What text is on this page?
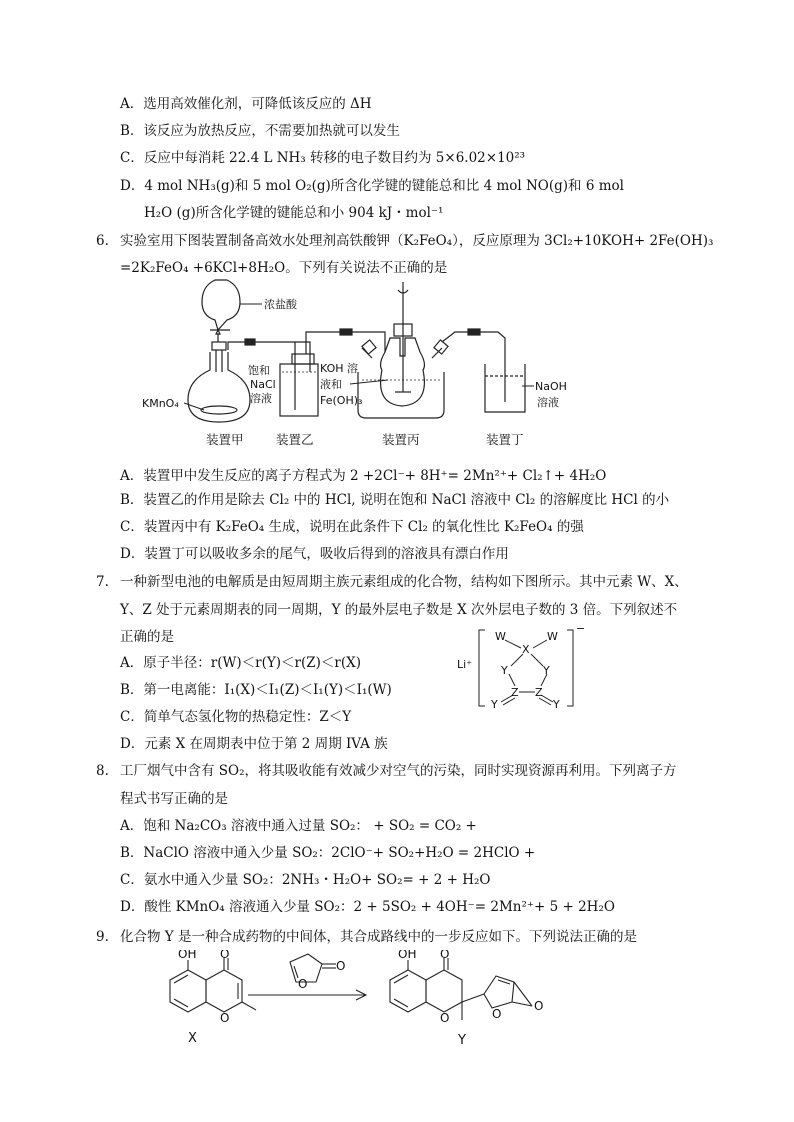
A．选用高效催化剂，可降低该反应的 ΔH
B．该反应为放热反应，不需要加热就可以发生
C．反应中每消耗 22.4 L NH₃ 转移的电子数目约为 5×6.02×10²³
D．4 mol NH₃(g)和 5 mol O₂(g)所含化学键的键能总和比 4 mol NO(g)和 6 mol
H₂O (g)所含化学键的键能总和小 904 kJ・mol⁻¹
6. 实验室用下图装置制备高效水处理剂高铁酸钾（K₂FeO₄），反应原理为 3Cl₂+10KOH+ 2Fe(OH)₃
=2K₂FeO₄ +6KCl+8H₂O。下列有关说法不正确的是
浓盐酸
KMnO₄
饱和
NaCl
溶液
KOH 溶
液和
Fe(OH)₃
NaOH
溶液
装置甲	装置乙	装置丙	装置丁
A．装置甲中发生反应的离子方程式为 2 +2Cl⁻+ 8H⁺= 2Mn²⁺+ Cl₂↑+ 4H₂O
B．装置乙的作用是除去 Cl₂ 中的 HCl, 说明在饱和 NaCl 溶液中 Cl₂ 的溶解度比 HCl 的小
C．装置丙中有 K₂FeO₄ 生成，说明在此条件下 Cl₂ 的氧化性比 K₂FeO₄ 的强
D．装置丁可以吸收多余的尾气，吸收后得到的溶液具有漂白作用
7. 一种新型电池的电解质是由短周期主族元素组成的化合物，结构如下图所示。其中元素 W、X、
Y、Z 处于元素周期表的同一周期，Y 的最外层电子数是 X 次外层电子数的 3 倍。下列叙述不
正确的是
A．原子半径：r(W)＜r(Y)＜r(Z)＜r(X)
B．第一电离能：I₁(X)＜I₁(Z)＜I₁(Y)＜I₁(W)
C．简单气态氢化物的热稳定性：Z＜Y
D．元素 X 在周期表中位于第 2 周期 IVA 族
Li⁺
W
X
W
Y	Y
Z Z
Y	Y
−
8. 工厂烟气中含有 SO₂，将其吸收能有效减少对空气的污染，同时实现资源再利用。下列离子方
程式书写正确的是
A．饱和 Na₂CO₃ 溶液中通入过量 SO₂： + SO₂ = CO₂ +
B．NaClO 溶液中通入少量 SO₂：2ClO⁻+ SO₂+H₂O = 2HClO +
C．氨水中通入少量 SO₂：2NH₃・H₂O+ SO₂= + 2 + H₂O
D．酸性 KMnO₄ 溶液通入少量 SO₂：2 + 5SO₂ + 4OH⁻= 2Mn²⁺+ 5 + 2H₂O
9. 化合物 Y 是一种合成药物的中间体，其合成路线中的一步反应如下。下列说法正确的是
OH O
O
O
O
OH O
O	O
O
X	Y
